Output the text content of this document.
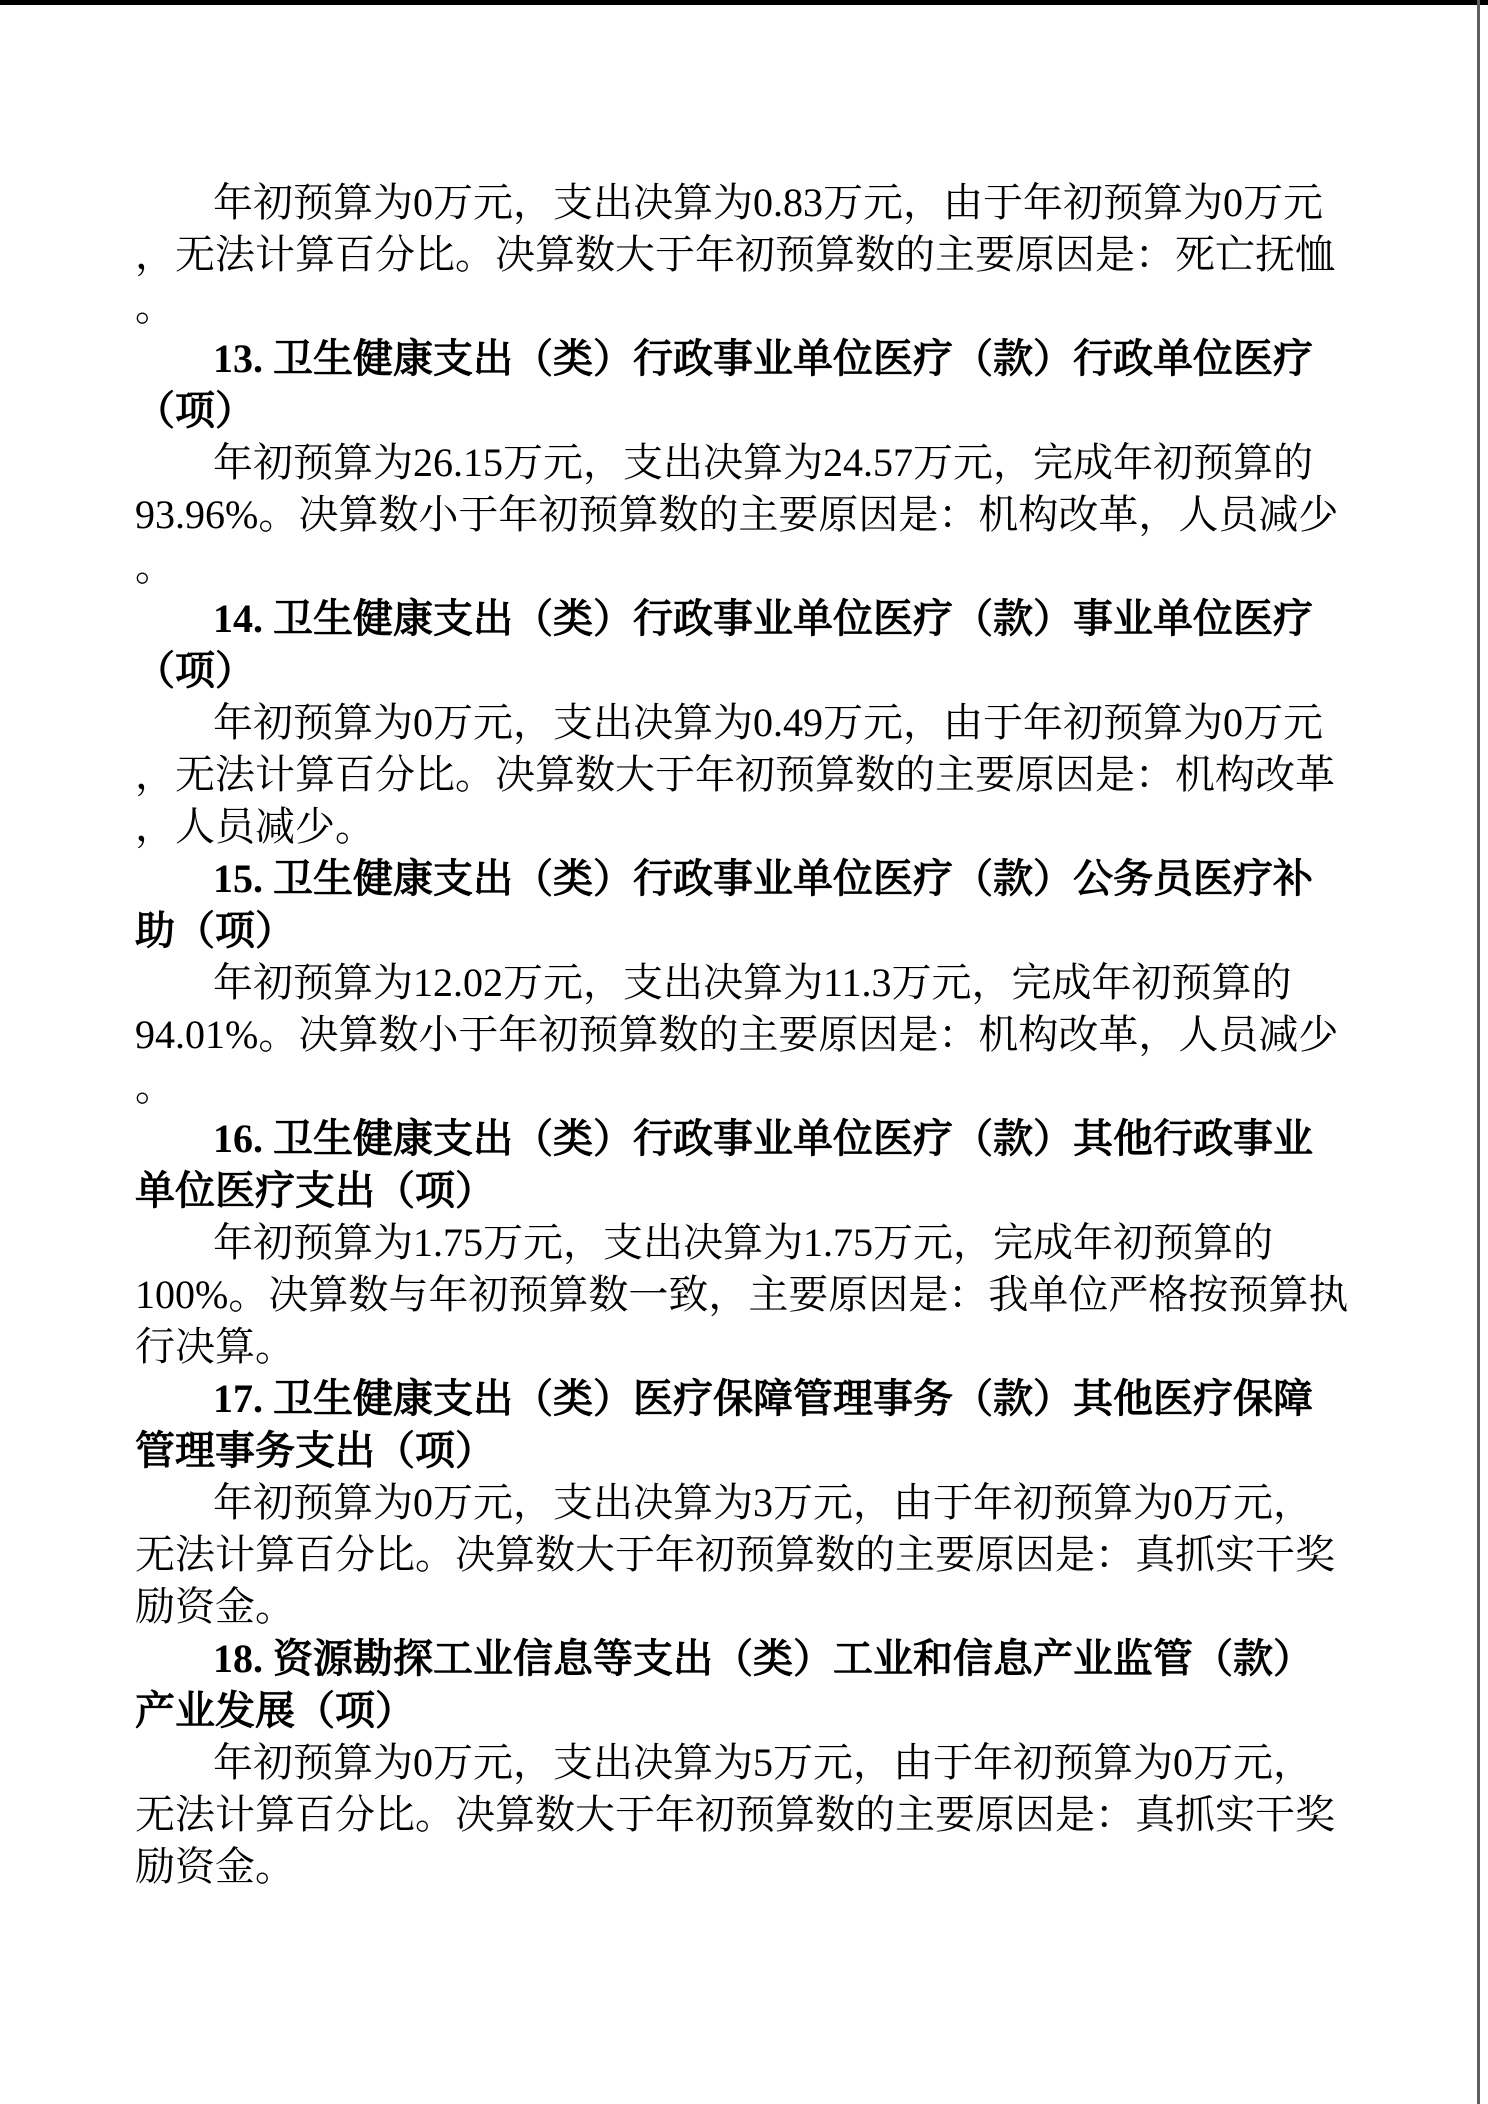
年初预算为0万元，支出决算为0.83万元，由于年初预算为0万元
，无法计算百分比。决算数大于年初预算数的主要原因是：死亡抚恤
。
13. 卫生健康支出（类）行政事业单位医疗（款）行政单位医疗
（项）
年初预算为26.15万元，支出决算为24.57万元，完成年初预算的
93.96%。决算数小于年初预算数的主要原因是：机构改革，人员减少
。
14. 卫生健康支出（类）行政事业单位医疗（款）事业单位医疗
（项）
年初预算为0万元，支出决算为0.49万元，由于年初预算为0万元
，无法计算百分比。决算数大于年初预算数的主要原因是：机构改革
，人员减少。
15. 卫生健康支出（类）行政事业单位医疗（款）公务员医疗补
助（项）
年初预算为12.02万元，支出决算为11.3万元，完成年初预算的
94.01%。决算数小于年初预算数的主要原因是：机构改革，人员减少
。
16. 卫生健康支出（类）行政事业单位医疗（款）其他行政事业
单位医疗支出（项）
年初预算为1.75万元，支出决算为1.75万元，完成年初预算的
100%。决算数与年初预算数一致，主要原因是：我单位严格按预算执
行决算。
17. 卫生健康支出（类）医疗保障管理事务（款）其他医疗保障
管理事务支出（项）
年初预算为0万元，支出决算为3万元，由于年初预算为0万元，
无法计算百分比。决算数大于年初预算数的主要原因是：真抓实干奖
励资金。
18. 资源勘探工业信息等支出（类）工业和信息产业监管（款）
产业发展（项）
年初预算为0万元，支出决算为5万元，由于年初预算为0万元，
无法计算百分比。决算数大于年初预算数的主要原因是：真抓实干奖
励资金。
